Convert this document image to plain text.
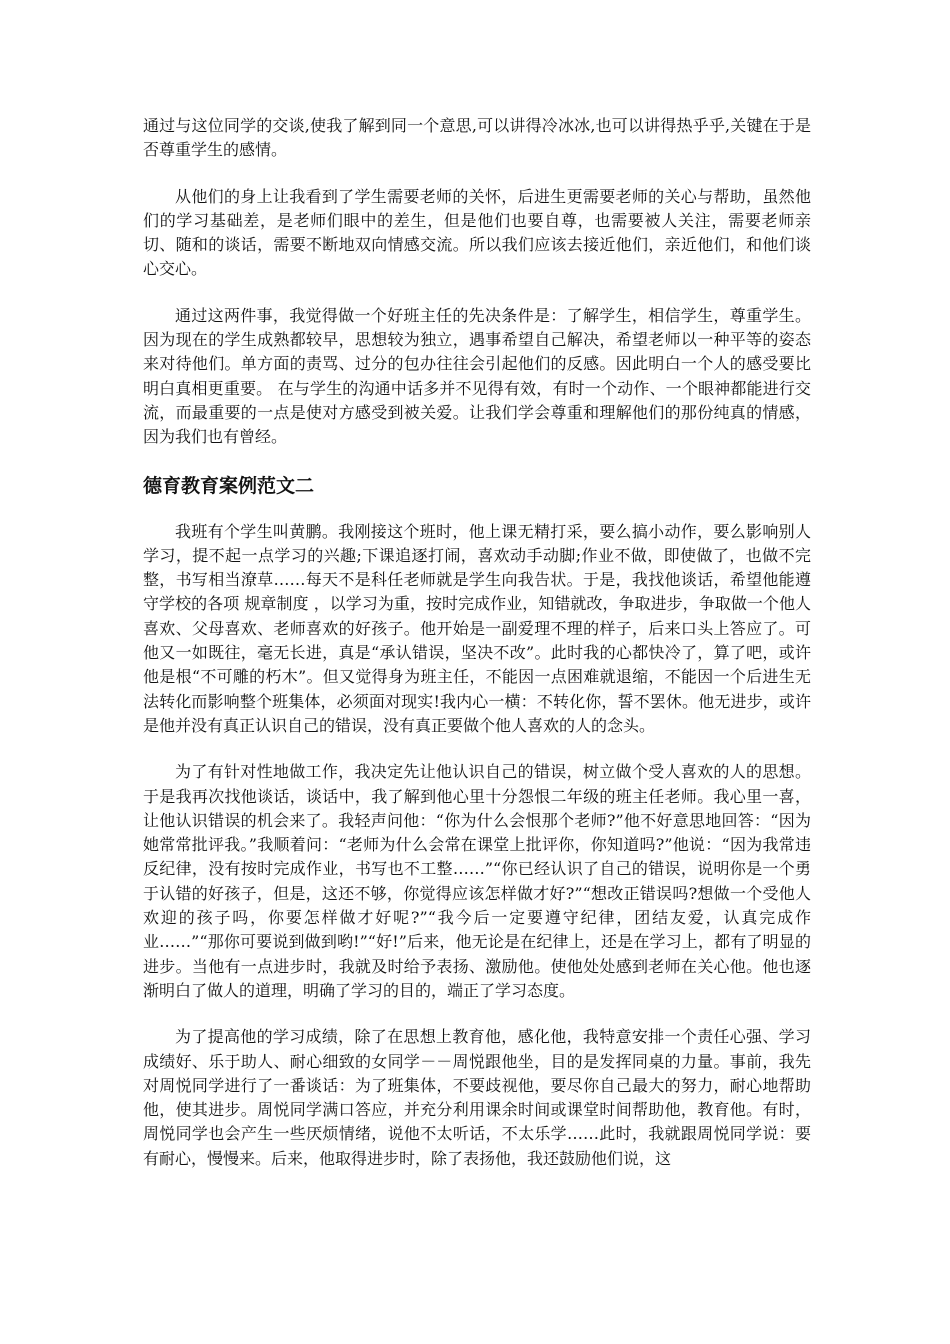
通过与这位同学的交谈,使我了解到同一个意思,可以讲得冷冰冰,也可以讲得热乎乎,关键在于是否尊重学生的感情。

从他们的身上让我看到了学生需要老师的关怀，后进生更需要老师的关心与帮助，虽然他们的学习基础差，是老师们眼中的差生，但是他们也要自尊，也需要被人关注，需要老师亲切、随和的谈话，需要不断地双向情感交流。所以我们应该去接近他们，亲近他们，和他们谈心交心。

通过这两件事，我觉得做一个好班主任的先决条件是：了解学生，相信学生，尊重学生。因为现在的学生成熟都较早，思想较为独立，遇事希望自己解决，希望老师以一种平等的姿态来对待他们。单方面的责骂、过分的包办往往会引起他们的反感。因此明白一个人的感受要比明白真相更重要。 在与学生的沟通中话多并不见得有效，有时一个动作、一个眼神都能进行交流，而最重要的一点是使对方感受到被关爱。让我们学会尊重和理解他们的那份纯真的情感，因为我们也有曾经。

德育教育案例范文二

我班有个学生叫黄鹏。我刚接这个班时，他上课无精打采，要么搞小动作，要么影响别人学习，提不起一点学习的兴趣;下课追逐打闹，喜欢动手动脚;作业不做，即使做了，也做不完整，书写相当潦草……每天不是科任老师就是学生向我告状。于是，我找他谈话，希望他能遵守学校的各项 规章制度 ，以学习为重，按时完成作业，知错就改，争取进步，争取做一个他人喜欢、父母喜欢、老师喜欢的好孩子。他开始是一副爱理不理的样子，后来口头上答应了。可他又一如既往，毫无长进，真是“承认错误，坚决不改”。此时我的心都快冷了，算了吧，或许他是根“不可雕的朽木”。但又觉得身为班主任，不能因一点困难就退缩，不能因一个后进生无法转化而影响整个班集体，必须面对现实!我内心一横：不转化你，誓不罢休。他无进步，或许是他并没有真正认识自己的错误，没有真正要做个他人喜欢的人的念头。

为了有针对性地做工作，我决定先让他认识自己的错误，树立做个受人喜欢的人的思想。于是我再次找他谈话，谈话中，我了解到他心里十分怨恨二年级的班主任老师。我心里一喜，让他认识错误的机会来了。我轻声问他：“你为什么会恨那个老师?”他不好意思地回答：“因为她常常批评我。”我顺着问：“老师为什么会常在课堂上批评你，你知道吗?”他说：“因为我常违反纪律，没有按时完成作业，书写也不工整……”“你已经认识了自己的错误，说明你是一个勇于认错的好孩子，但是，这还不够，你觉得应该怎样做才好?”“想改正错误吗?想做一个受他人欢迎的孩子吗，你要怎样做才好呢?”“我今后一定要遵守纪律，团结友爱，认真完成作业……”“那你可要说到做到哟!”“好!”后来，他无论是在纪律上，还是在学习上，都有了明显的进步。当他有一点进步时，我就及时给予表扬、激励他。使他处处感到老师在关心他。他也逐渐明白了做人的道理，明确了学习的目的，端正了学习态度。

为了提高他的学习成绩，除了在思想上教育他，感化他，我特意安排一个责任心强、学习成绩好、乐于助人、耐心细致的女同学－－周悦跟他坐，目的是发挥同桌的力量。事前，我先对周悦同学进行了一番谈话：为了班集体，不要歧视他，要尽你自己最大的努力，耐心地帮助他，使其进步。周悦同学满口答应，并充分利用课余时间或课堂时间帮助他，教育他。有时，周悦同学也会产生一些厌烦情绪，说他不太听话，不太乐学……此时，我就跟周悦同学说：要有耐心，慢慢来。后来，他取得进步时，除了表扬他，我还鼓励他们说，这
